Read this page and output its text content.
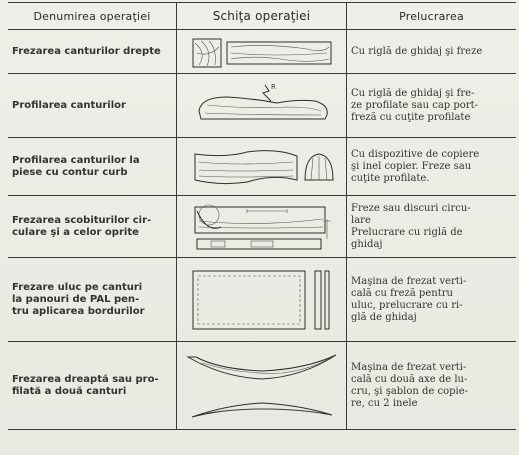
Denumirea operaţiei	Schiţa operaţiei	Prelucrarea

Frezarea canturilor drepte		Cu riglă de ghidaj şi freze

Profilarea canturilor	R	Cu riglă de ghidaj şi fre-
ze profilate sau cap port-
freză cu cuţite profilate

Profilarea canturilor la
piese cu contur curb		Cu dispozitive de copiere
şi inel copier. Freze sau
cuţite profilate.

Frezarea scobiturilor cir-
culare şi a celor oprite		Freze sau discuri circu-
lare
Prelucrare cu riglă de
ghidaj

Frezare uluc pe canturi
la panouri de PAL pen-
tru aplicarea bordurilor		Maşina de frezat verti-
cală cu freză pentru
uluc, prelucrare cu ri-
glă de ghidaj

Frezarea dreaptă sau pro-
filată a două canturi		Maşina de frezat verti-
cală cu două axe de lu-
cru, şi şablon de copie-
re, cu 2 inele
